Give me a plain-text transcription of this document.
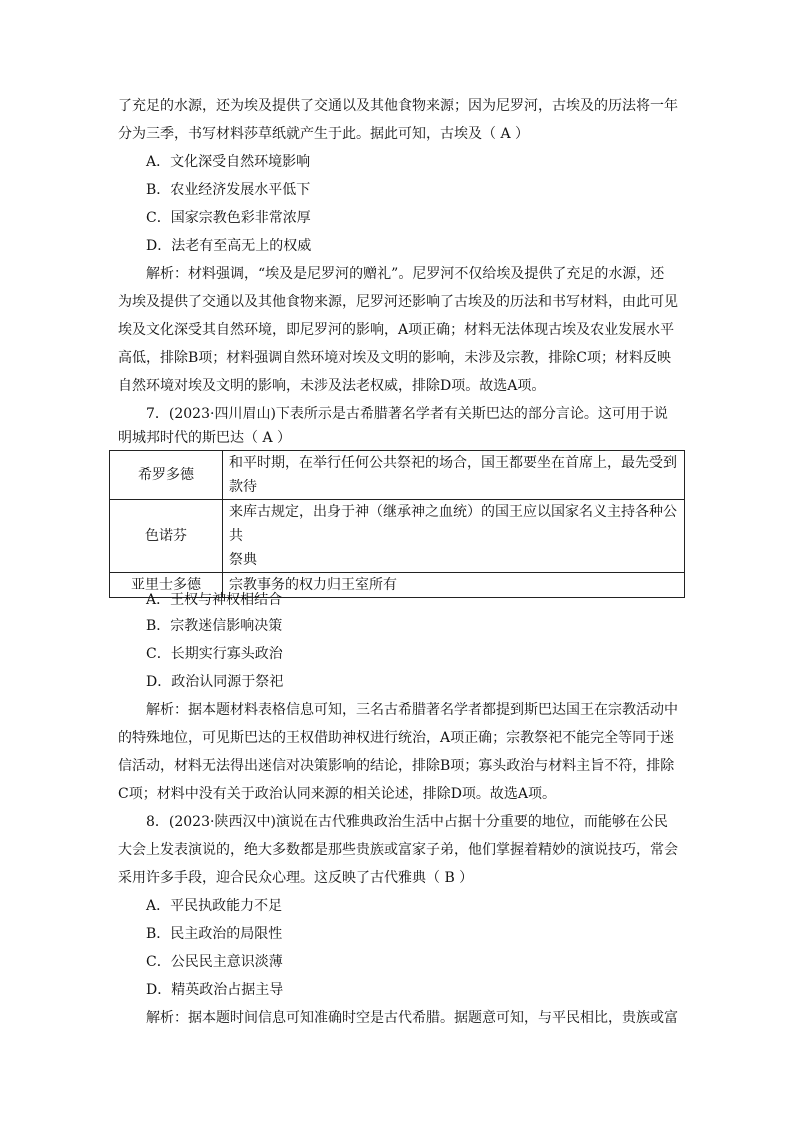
了充足的水源，还为埃及提供了交通以及其他食物来源；因为尼罗河，古埃及的历法将一年
分为三季，书写材料莎草纸就产生于此。据此可知，古埃及（ A ）
A．文化深受自然环境影响
B．农业经济发展水平低下
C．国家宗教色彩非常浓厚
D．法老有至高无上的权威
解析：材料强调，“埃及是尼罗河的赠礼”。尼罗河不仅给埃及提供了充足的水源，还
为埃及提供了交通以及其他食物来源，尼罗河还影响了古埃及的历法和书写材料，由此可见
埃及文化深受其自然环境，即尼罗河的影响，A项正确；材料无法体现古埃及农业发展水平
高低，排除B项；材料强调自然环境对埃及文明的影响，未涉及宗教，排除C项；材料反映
自然环境对埃及文明的影响，未涉及法老权威，排除D项。故选A项。
7．(2023·四川眉山)下表所示是古希腊著名学者有关斯巴达的部分言论。这可用于说
明城邦时代的斯巴达（ A ）
希罗多德	和平时期，在举行任何公共祭祀的场合，国王都要坐在首席上，最先受到
款待

色诺芬	来库古规定，出身于神（继承神之血统）的国王应以国家名义主持各种公共
祭典

亚里士多德	宗教事务的权力归王室所有
A．王权与神权相结合
B．宗教迷信影响决策
C．长期实行寡头政治
D．政治认同源于祭祀
解析：据本题材料表格信息可知，三名古希腊著名学者都提到斯巴达国王在宗教活动中
的特殊地位，可见斯巴达的王权借助神权进行统治，A项正确；宗教祭祀不能完全等同于迷
信活动，材料无法得出迷信对决策影响的结论，排除B项；寡头政治与材料主旨不符，排除
C项；材料中没有关于政治认同来源的相关论述，排除D项。故选A项。
8．(2023·陕西汉中)演说在古代雅典政治生活中占据十分重要的地位，而能够在公民
大会上发表演说的，绝大多数都是那些贵族或富家子弟，他们掌握着精妙的演说技巧，常会
采用许多手段，迎合民众心理。这反映了古代雅典（ B ）
A．平民执政能力不足
B．民主政治的局限性
C．公民民主意识淡薄
D．精英政治占据主导
解析：据本题时间信息可知准确时空是古代希腊。据题意可知，与平民相比，贵族或富
